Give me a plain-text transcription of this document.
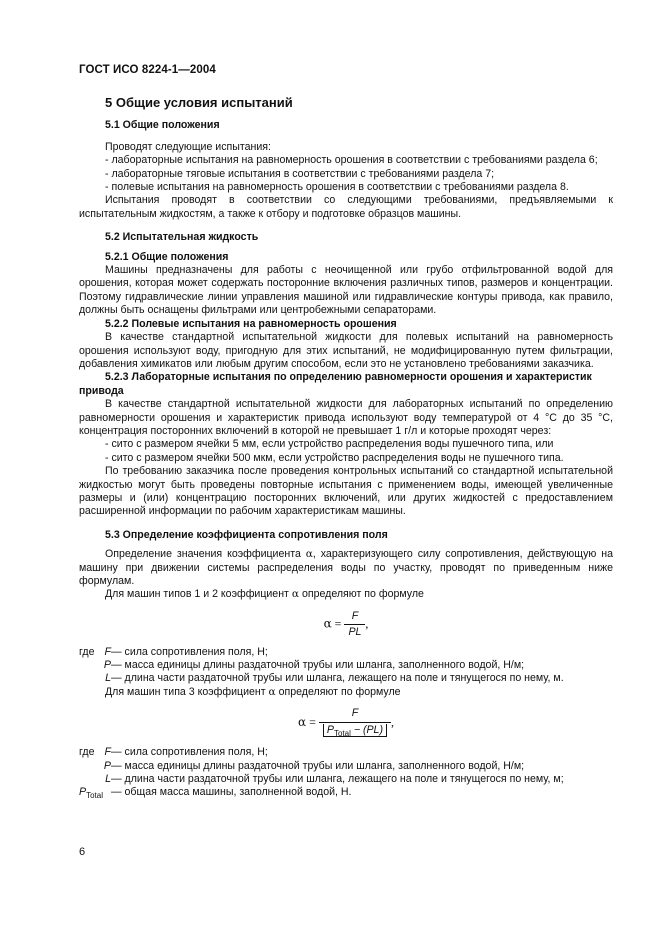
ГОСТ ИСО 8224-1—2004
5 Общие условия испытаний
5.1 Общие положения

Проводят следующие испытания:

- лабораторные испытания на равномерность орошения в соответствии с требованиями раздела 6;

- лабораторные тяговые испытания в соответствии с требованиями раздела 7;

- полевые испытания на равномерность орошения в соответствии с требованиями раздела 8.

Испытания проводят в соответствии со следующими требованиями, предъявляемыми к испытательным жидкостям, а также к отбору и подготовке образцов машины.

5.2 Испытательная жидкость
5.2.1 Общие положения

Машины предназначены для работы с неочищенной или грубо отфильтрованной водой для орошения, которая может содержать посторонние включения различных типов, размеров и концентрации. Поэтому гидравлические линии управления машиной или гидравлические контуры привода, как правило, должны быть оснащены фильтрами или центробежными сепараторами.

5.2.2 Полевые испытания на равномерность орошения

В качестве стандартной испытательной жидкости для полевых испытаний на равномерность орошения используют воду, пригодную для этих испытаний, не модифицированную путем фильтрации, добавления химикатов или любым другим способом, если это не установлено требованиями заказчика.

5.2.3 Лабораторные испытания по определению равномерности орошения и характеристик привода

В качестве стандартной испытательной жидкости для лабораторных испытаний по определению равномерности орошения и характеристик привода используют воду температурой от 4 °С до 35 °С, концентрация посторонних включений в которой не превышает 1 г/л и которые проходят через:

- сито с размером ячейки 5 мм, если устройство распределения воды пушечного типа, или

- сито с размером ячейки 500 мкм, если устройство распределения воды не пушечного типа.

По требованию заказчика после проведения контрольных испытаний со стандартной испытательной жидкостью могут быть проведены повторные испытания с применением воды, имеющей увеличенные размеры и (или) концентрацию посторонних включений, или других жидкостей с предоставлением расширенной информации по рабочим характеристикам машины.

5.3 Определение коэффициента сопротивления поля

Определение значения коэффициента α, характеризующего силу сопротивления, действующую на машину при движении системы распределения воды по участку, проводят по приведенным ниже формулам.

Для машин типов 1 и 2 коэффициент α определяют по формуле

$\alpha = \frac{F}{PL}$ ,
где F — сила сопротивления поля, Н;
P — масса единицы длины раздаточной трубы или шланга, заполненного водой, Н/м;
L — длина части раздаточной трубы или шланга, лежащего на поле и тянущегося по нему, м.

Для машин типа 3 коэффициент α определяют по формуле

$\alpha = \frac{F}{P_{Total} - (PL)}$ ,
где F — сила сопротивления поля, Н;
P — масса единицы длины раздаточной трубы или шланга, заполненного водой, Н/м;
L — длина части раздаточной трубы или шланга, лежащего на поле и тянущегося по нему, м;
$P_{Total}$ — общая масса машины, заполненной водой, Н.
6
